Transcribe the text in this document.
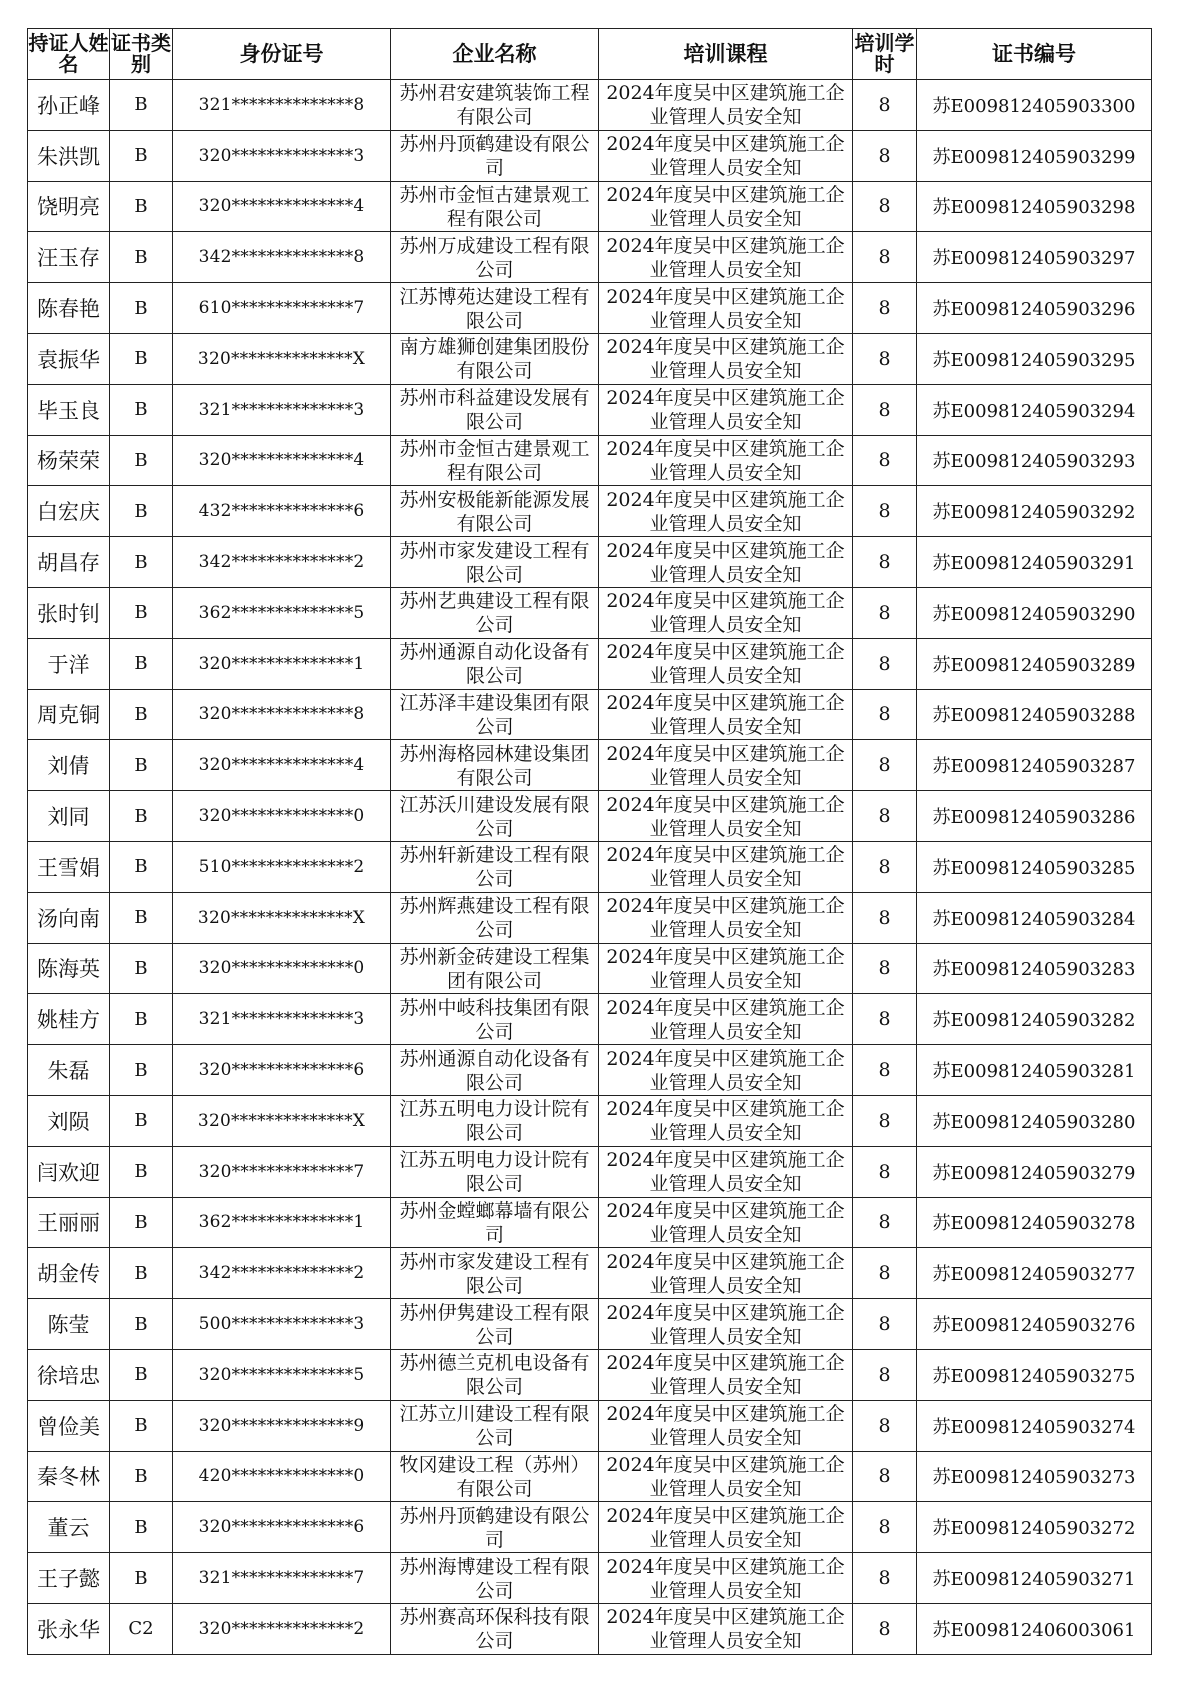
持证人姓名	证书类别	身份证号	企业名称	培训课程	培训学时	证书编号
孙正峰	B	321**************8	苏州君安建筑装饰工程有限公司	2024年度吴中区建筑施工企业管理人员安全知	8	苏E009812405903300
朱洪凯	B	320**************3	苏州丹顶鹤建设有限公司	2024年度吴中区建筑施工企业管理人员安全知	8	苏E009812405903299
饶明亮	B	320**************4	苏州市金恒古建景观工程有限公司	2024年度吴中区建筑施工企业管理人员安全知	8	苏E009812405903298
汪玉存	B	342**************8	苏州万成建设工程有限公司	2024年度吴中区建筑施工企业管理人员安全知	8	苏E009812405903297
陈春艳	B	610**************7	江苏博苑达建设工程有限公司	2024年度吴中区建筑施工企业管理人员安全知	8	苏E009812405903296
袁振华	B	320**************X	南方雄狮创建集团股份有限公司	2024年度吴中区建筑施工企业管理人员安全知	8	苏E009812405903295
毕玉良	B	321**************3	苏州市科益建设发展有限公司	2024年度吴中区建筑施工企业管理人员安全知	8	苏E009812405903294
杨荣荣	B	320**************4	苏州市金恒古建景观工程有限公司	2024年度吴中区建筑施工企业管理人员安全知	8	苏E009812405903293
白宏庆	B	432**************6	苏州安极能新能源发展有限公司	2024年度吴中区建筑施工企业管理人员安全知	8	苏E009812405903292
胡昌存	B	342**************2	苏州市家发建设工程有限公司	2024年度吴中区建筑施工企业管理人员安全知	8	苏E009812405903291
张时钊	B	362**************5	苏州艺典建设工程有限公司	2024年度吴中区建筑施工企业管理人员安全知	8	苏E009812405903290
于洋	B	320**************1	苏州通源自动化设备有限公司	2024年度吴中区建筑施工企业管理人员安全知	8	苏E009812405903289
周克铜	B	320**************8	江苏泽丰建设集团有限公司	2024年度吴中区建筑施工企业管理人员安全知	8	苏E009812405903288
刘倩	B	320**************4	苏州海格园林建设集团有限公司	2024年度吴中区建筑施工企业管理人员安全知	8	苏E009812405903287
刘同	B	320**************0	江苏沃川建设发展有限公司	2024年度吴中区建筑施工企业管理人员安全知	8	苏E009812405903286
王雪娟	B	510**************2	苏州轩新建设工程有限公司	2024年度吴中区建筑施工企业管理人员安全知	8	苏E009812405903285
汤向南	B	320**************X	苏州辉燕建设工程有限公司	2024年度吴中区建筑施工企业管理人员安全知	8	苏E009812405903284
陈海英	B	320**************0	苏州新金砖建设工程集团有限公司	2024年度吴中区建筑施工企业管理人员安全知	8	苏E009812405903283
姚桂方	B	321**************3	苏州中岐科技集团有限公司	2024年度吴中区建筑施工企业管理人员安全知	8	苏E009812405903282
朱磊	B	320**************6	苏州通源自动化设备有限公司	2024年度吴中区建筑施工企业管理人员安全知	8	苏E009812405903281
刘陨	B	320**************X	江苏五明电力设计院有限公司	2024年度吴中区建筑施工企业管理人员安全知	8	苏E009812405903280
闫欢迎	B	320**************7	江苏五明电力设计院有限公司	2024年度吴中区建筑施工企业管理人员安全知	8	苏E009812405903279
王丽丽	B	362**************1	苏州金螳螂幕墙有限公司	2024年度吴中区建筑施工企业管理人员安全知	8	苏E009812405903278
胡金传	B	342**************2	苏州市家发建设工程有限公司	2024年度吴中区建筑施工企业管理人员安全知	8	苏E009812405903277
陈莹	B	500**************3	苏州伊隽建设工程有限公司	2024年度吴中区建筑施工企业管理人员安全知	8	苏E009812405903276
徐培忠	B	320**************5	苏州德兰克机电设备有限公司	2024年度吴中区建筑施工企业管理人员安全知	8	苏E009812405903275
曾俭美	B	320**************9	江苏立川建设工程有限公司	2024年度吴中区建筑施工企业管理人员安全知	8	苏E009812405903274
秦冬林	B	420**************0	牧冈建设工程（苏州）有限公司	2024年度吴中区建筑施工企业管理人员安全知	8	苏E009812405903273
董云	B	320**************6	苏州丹顶鹤建设有限公司	2024年度吴中区建筑施工企业管理人员安全知	8	苏E009812405903272
王子懿	B	321**************7	苏州海博建设工程有限公司	2024年度吴中区建筑施工企业管理人员安全知	8	苏E009812405903271
张永华	C2	320**************2	苏州赛高环保科技有限公司	2024年度吴中区建筑施工企业管理人员安全知	8	苏E009812406003061
